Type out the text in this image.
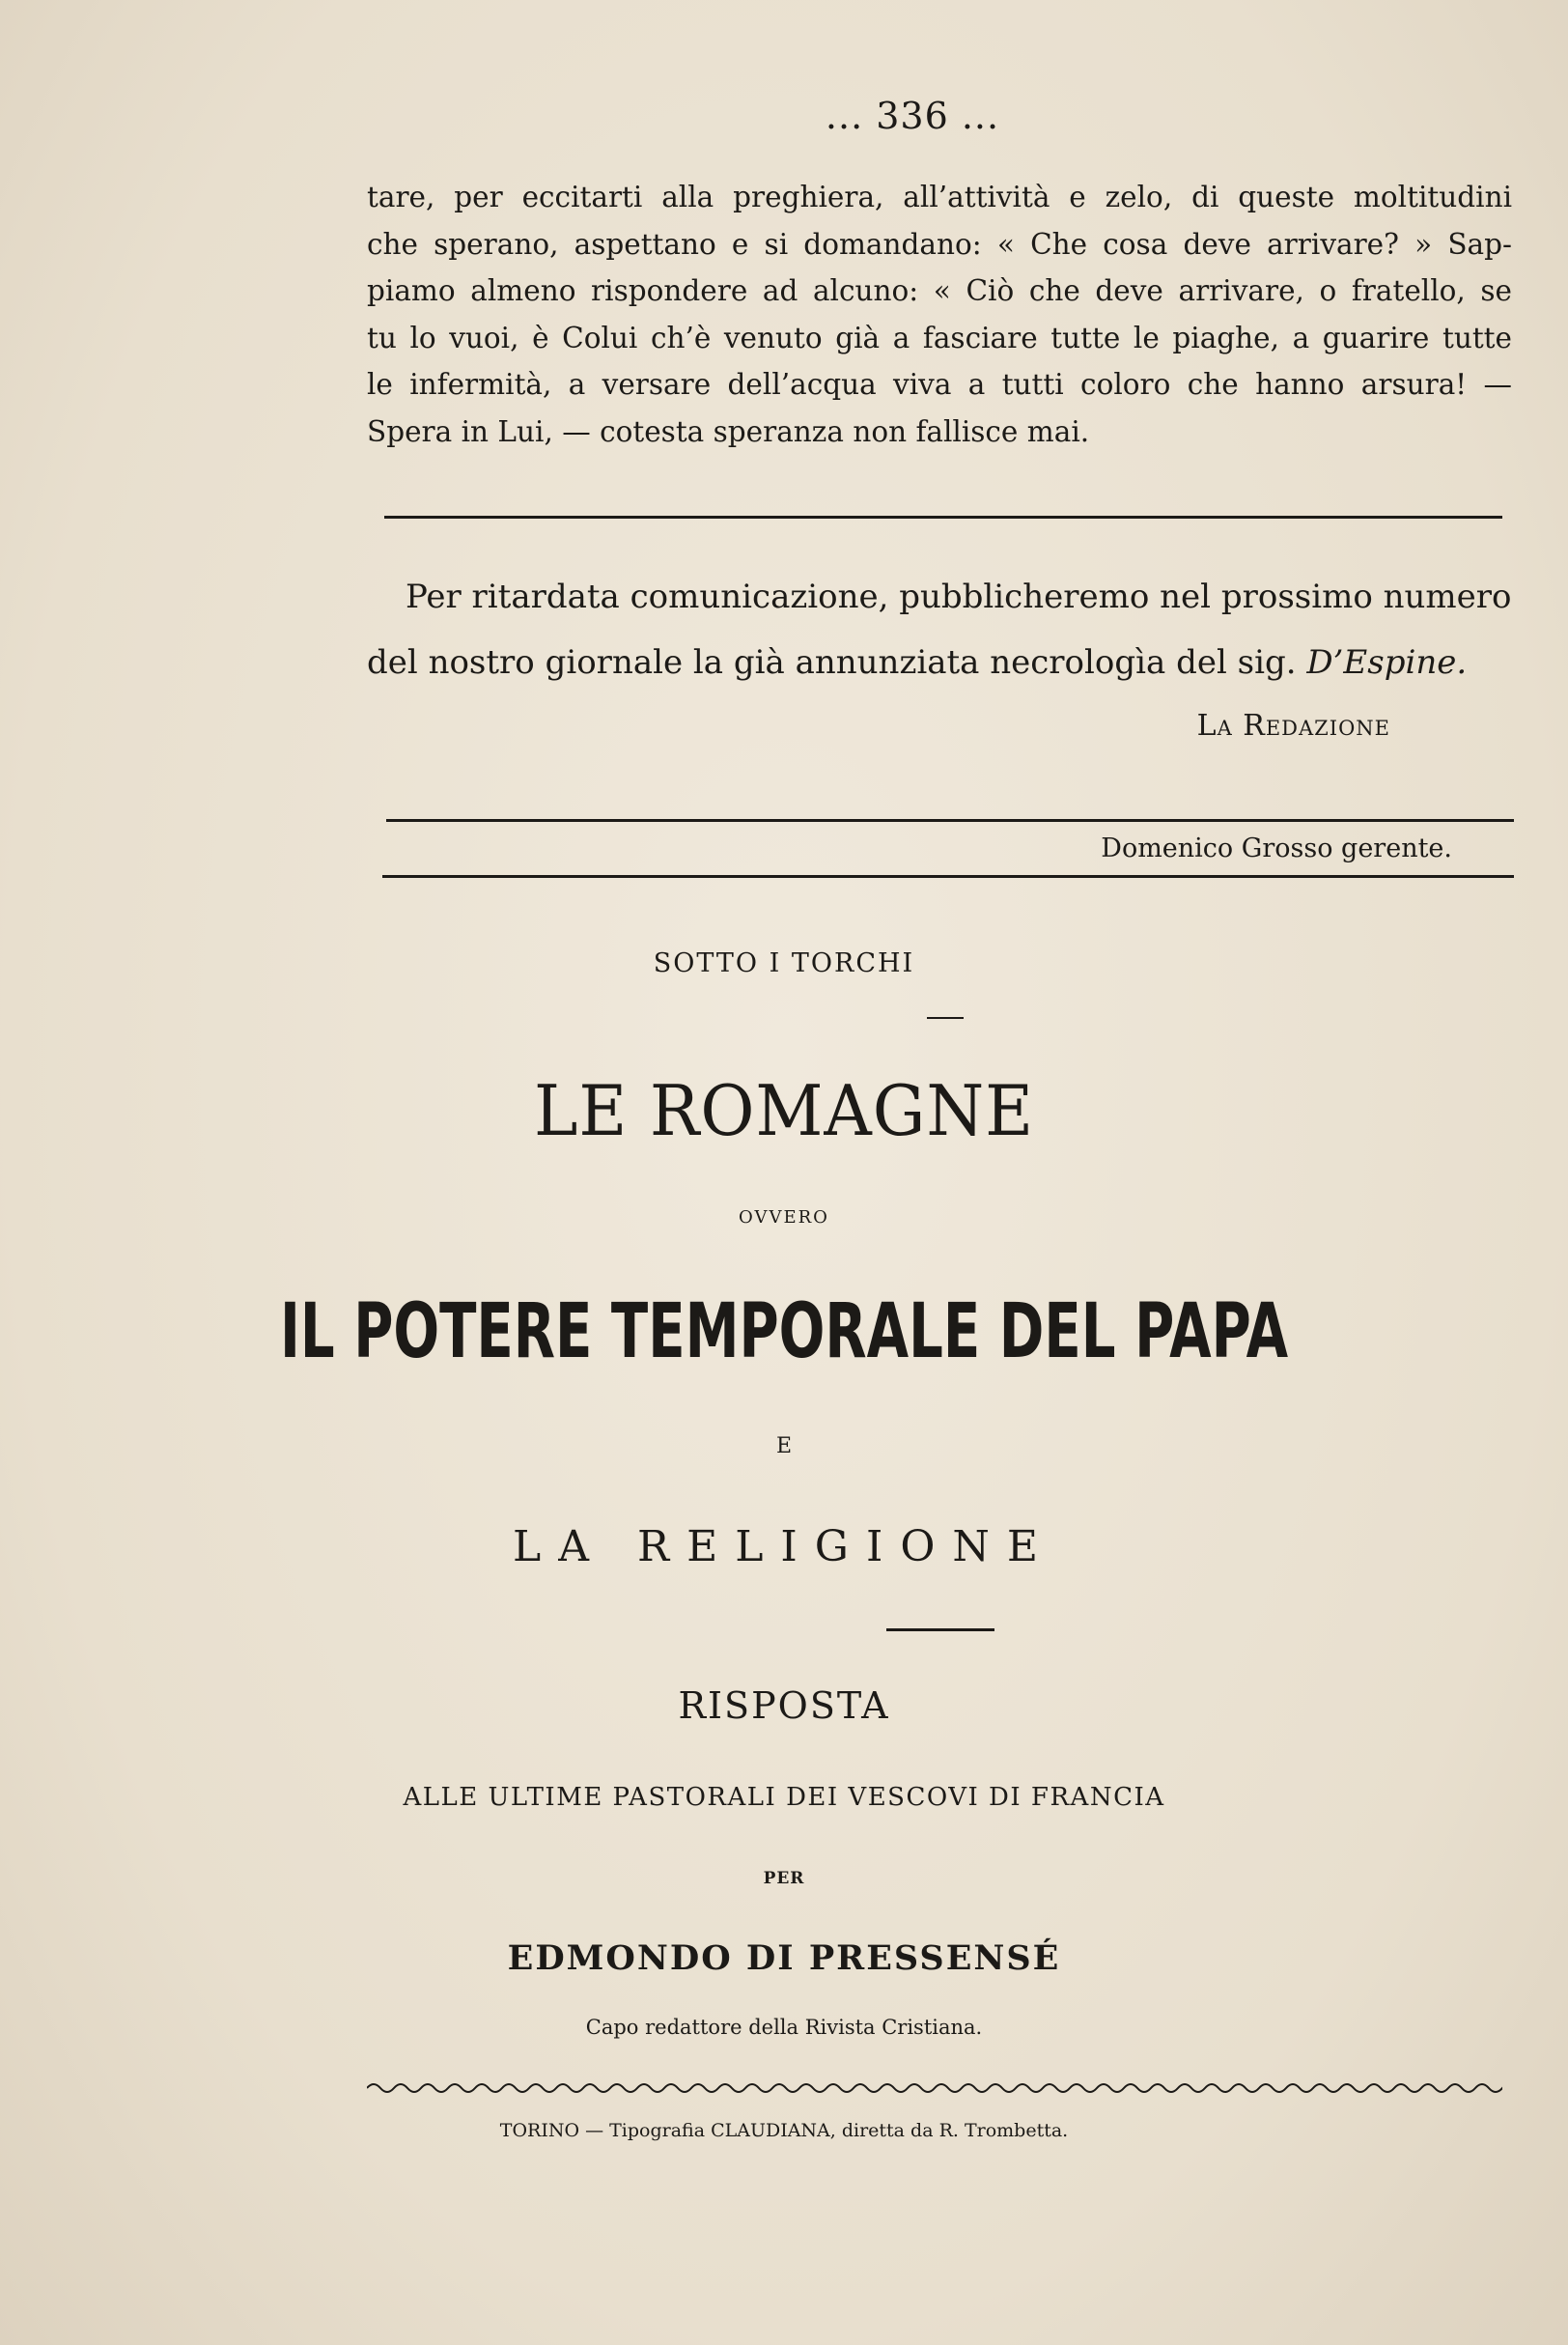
... 336 ...
tare, per eccitarti alla preghiera, all’attività e zelo, di queste moltitudini
che sperano, aspettano e si domandano: « Che cosa deve arrivare? » Sap-
piamo almeno rispondere ad alcuno: « Ciò che deve arrivare, o fratello, se
tu lo vuoi, è Colui ch’è venuto già a fasciare tutte le piaghe, a guarire tutte
le infermità, a versare dell’acqua viva a tutti coloro che hanno arsura! —
Spera in Lui, — cotesta speranza non fallisce mai.
Per ritardata comunicazione, pubblicheremo nel prossimo numero
del nostro giornale la già annunziata necrologìa del sig. D’Espine.
La Redazione
Domenico Grosso gerente.
SOTTO I TORCHI
LE ROMAGNE
OVVERO
IL POTERE TEMPORALE DEL PAPA
E
LA RELIGIONE
RISPOSTA
ALLE ULTIME PASTORALI DEI VESCOVI DI FRANCIA
PER
EDMONDO DI PRESSENSÉ
Capo redattore della Rivista Cristiana.
TORINO — Tipografia CLAUDIANA, diretta da R. Trombetta.
